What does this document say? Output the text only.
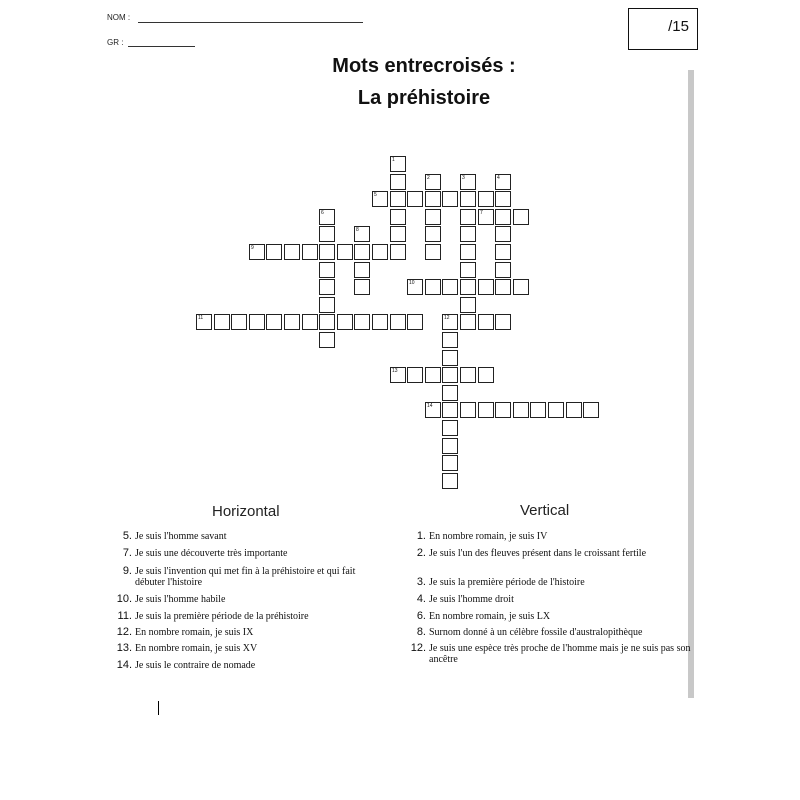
NOM :
GR :
/15
Mots entrecroisés :
La préhistoire
1
2	3	4
5
6	7
8
9
10
11	12
13
14
Horizontal	Vertical
5. Je suis l'homme savant
7. Je suis une découverte très importante
9. Je suis l'invention qui met fin à la préhistoire et qui fait débuter l'histoire
10. Je suis l'homme habile
11. Je suis la première période de la préhistoire
12. En nombre romain, je suis IX
13. En nombre romain, je suis XV
14. Je suis le contraire de nomade
1. En nombre romain, je suis IV
2. Je suis l'un des fleuves présent dans le croissant fertile
3. Je suis la première période de l'histoire
4. Je suis l'homme droit
6. En nombre romain, je suis LX
8. Surnom donné à un célèbre fossile d'australopithèque
12. Je suis une espèce très proche de l'homme mais je ne suis pas son ancêtre
